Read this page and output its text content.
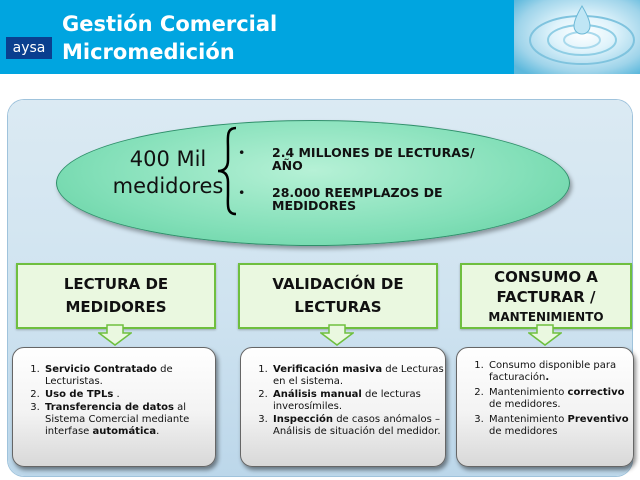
Gestión Comercial
Micromedición
aysa
400 Mil
medidores
• 2.4 MILLONES DE LECTURAS/
AÑO
• 28.000 REEMPLAZOS DE
MEDIDORES
LECTURA DE
MEDIDORES
VALIDACIÓN DE
LECTURAS
CONSUMO A
FACTURAR /
MANTENIMIENTO
1. Servicio Contratado de Lecturistas.
2. Uso de TPLs .
3. Transferencia de datos al Sistema Comercial mediante interfase automática.
1. Verificación masiva de Lecturas en el sistema.
2. Análisis manual de lecturas inverosímiles.
3. Inspección de casos anómalos – Análisis de situación del medidor.
1. Consumo disponible para facturación.
2. Mantenimiento correctivo de medidores.
3. Mantenimiento Preventivo de medidores
